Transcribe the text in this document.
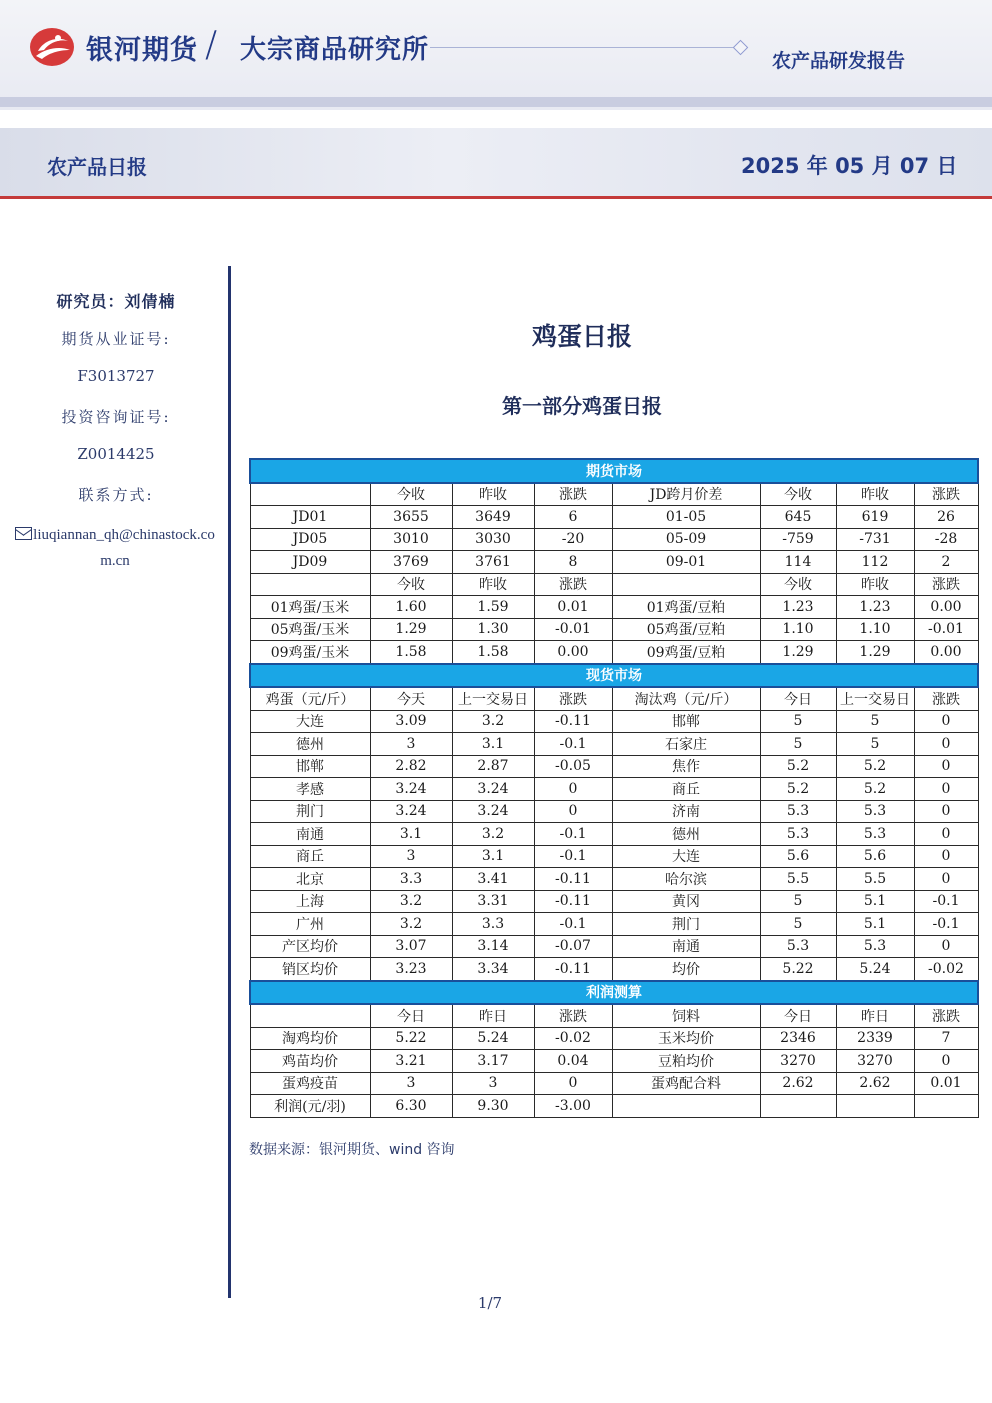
银河期货 / 大宗商品研究所	农产品研发报告
农产品日报	2025 年 05 月 07 日
研究员：刘倩楠
期货从业证号:
F3013727
投资咨询证号:
Z0014425
联系方式:
liuqiannan_qh@chinastock.com.cn
鸡蛋日报
第一部分鸡蛋日报
期货市场							
	今收	昨收	涨跌	JD跨月价差	今收	昨收	涨跌
JD01	3655	3649	6	01-05	645	619	26
JD05	3010	3030	-20	05-09	-759	-731	-28
JD09	3769	3761	8	09-01	114	112	2
	今收	昨收	涨跌		今收	昨收	涨跌
01鸡蛋/玉米	1.60	1.59	0.01	01鸡蛋/豆粕	1.23	1.23	0.00
05鸡蛋/玉米	1.29	1.30	-0.01	05鸡蛋/豆粕	1.10	1.10	-0.01
09鸡蛋/玉米	1.58	1.58	0.00	09鸡蛋/豆粕	1.29	1.29	0.00
现货市场							
鸡蛋（元/斤）	今天	上一交易日	涨跌	淘汰鸡（元/斤）	今日	上一交易日	涨跌
大连	3.09	3.2	-0.11	邯郸	5	5	0
德州	3	3.1	-0.1	石家庄	5	5	0
邯郸	2.82	2.87	-0.05	焦作	5.2	5.2	0
孝感	3.24	3.24	0	商丘	5.2	5.2	0
荆门	3.24	3.24	0	济南	5.3	5.3	0
南通	3.1	3.2	-0.1	德州	5.3	5.3	0
商丘	3	3.1	-0.1	大连	5.6	5.6	0
北京	3.3	3.41	-0.11	哈尔滨	5.5	5.5	0
上海	3.2	3.31	-0.11	黄冈	5	5.1	-0.1
广州	3.2	3.3	-0.1	荆门	5	5.1	-0.1
产区均价	3.07	3.14	-0.07	南通	5.3	5.3	0
销区均价	3.23	3.34	-0.11	均价	5.22	5.24	-0.02
利润测算							
	今日	昨日	涨跌	饲料	今日	昨日	涨跌
淘鸡均价	5.22	5.24	-0.02	玉米均价	2346	2339	7
鸡苗均价	3.21	3.17	0.04	豆粕均价	3270	3270	0
蛋鸡疫苗	3	3	0	蛋鸡配合料	2.62	2.62	0.01
利润(元/羽)	6.30	9.30	-3.00				
数据来源：银河期货、wind 咨询
1/7
